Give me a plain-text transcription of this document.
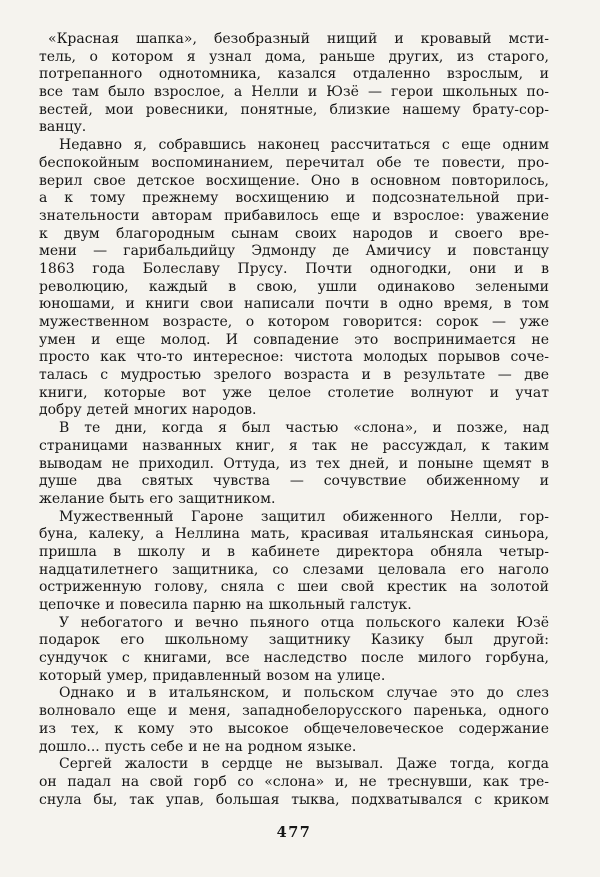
«Красная шапка», безобразный нищий и кровавый мсти-
тель, о котором я узнал дома, раньше других, из старого,
потрепанного однотомника, казался отдаленно взрослым, и
все там было взрослое, а Нелли и Юзё — герои школьных по-
вестей, мои ровесники, понятные, близкие нашему брату-сор-
ванцу.
Недавно я, собравшись наконец рассчитаться с еще одним
беспокойным воспоминанием, перечитал обе те повести, про-
верил свое детское восхищение. Оно в основном повторилось,
а к тому прежнему восхищению и подсознательной при-
знательности авторам прибавилось еще и взрослое: уважение
к двум благородным сынам своих народов и своего вре-
мени — гарибальдийцу Эдмонду де Амичису и повстанцу
1863 года Болеславу Прусу. Почти одногодки, они и в
революцию, каждый в свою, ушли одинаково зелеными
юношами, и книги свои написали почти в одно время, в том
мужественном возрасте, о котором говорится: сорок — уже
умен и еще молод. И совпадение это воспринимается не
просто как что-то интересное: чистота молодых порывов соче-
талась с мудростью зрелого возраста и в результате — две
книги, которые вот уже целое столетие волнуют и учат
добру детей многих народов.
В те дни, когда я был частью «слона», и позже, над
страницами названных книг, я так не рассуждал, к таким
выводам не приходил. Оттуда, из тех дней, и поныне щемят в
душе два святых чувства — сочувствие обиженному и
желание быть его защитником.
Мужественный Гароне защитил обиженного Нелли, гор-
буна, калеку, а Неллина мать, красивая итальянская синьора,
пришла в школу и в кабинете директора обняла четыр-
надцатилетнего защитника, со слезами целовала его наголо
остриженную голову, сняла с шеи свой крестик на золотой
цепочке и повесила парню на школьный галстук.
У небогатого и вечно пьяного отца польского калеки Юзё
подарок его школьному защитнику Казику был другой:
сундучок с книгами, все наследство после милого горбуна,
который умер, придавленный возом на улице.
Однако и в итальянском, и польском случае это до слез
волновало еще и меня, западнобелорусского паренька, одного
из тех, к кому это высокое общечеловеческое содержание
дошло... пусть себе и не на родном языке.
Сергей жалости в сердце не вызывал. Даже тогда, когда
он падал на свой горб со «слона» и, не треснувши, как тре-
снула бы, так упав, большая тыква, подхватывался с криком
477
